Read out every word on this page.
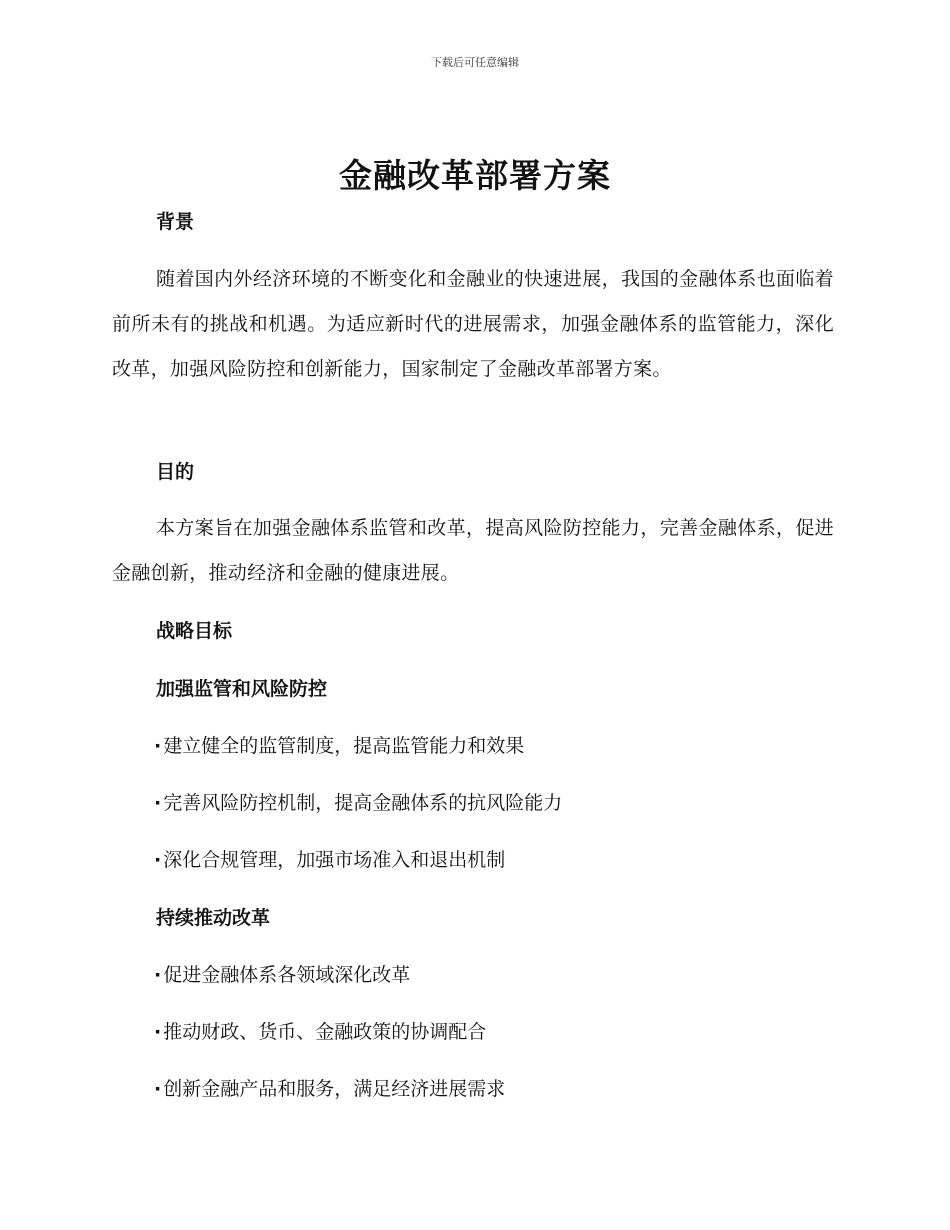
下载后可任意编辑
金融改革部署方案
背景

随着国内外经济环境的不断变化和金融业的快速进展，我国的金融体系也面临着前所未有的挑战和机遇。为适应新时代的进展需求，加强金融体系的监管能力，深化改革，加强风险防控和创新能力，国家制定了金融改革部署方案。

目的

本方案旨在加强金融体系监管和改革，提高风险防控能力，完善金融体系，促进金融创新，推动经济和金融的健康进展。

战略目标
加强监管和风险防控
· 建立健全的监管制度，提高监管能力和效果
· 完善风险防控机制，提高金融体系的抗风险能力
· 深化合规管理，加强市场准入和退出机制
持续推动改革
· 促进金融体系各领域深化改革
· 推动财政、货币、金融政策的协调配合
· 创新金融产品和服务，满足经济进展需求
